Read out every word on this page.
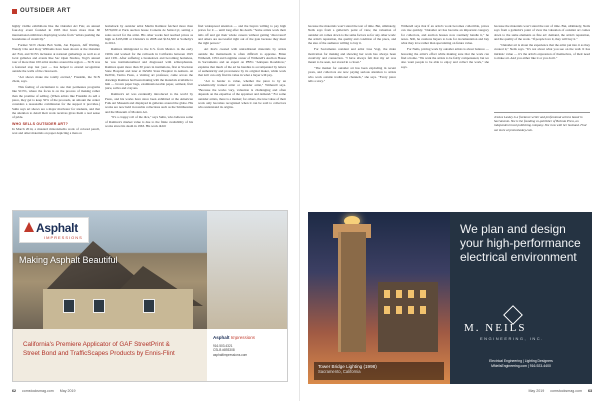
OUTSIDER ART

highly visible exhibitions like the Outsider Art Fair, an annual four-day event founded in 1993 that hosts more than 60 international exhibitors displaying works from "artists pushing the boundaries of creativity."

Former SCN clients Bob Sulin, Jon Esparza, Jeff Watling, Wendy Chu and Rory Williams have been shown at the Outsider Art Fair, and SCN's inclusion at national gatherings as well as at local galleries and events like Sac Open Studios, Vogt's annual tour of more than 100 artist studios around the region — SCN was a featured stop last year — has helped to extend recognition outside the walls of the classroom.

"Art shows make me totally excited," Franklin, the SCN client, says.

This feeling of excitement is one that permeates programs like SCN's, where the focus is on the process of making rather than the promise of selling. (When artists like Franklin do sell a piece, they get to keep 50% of the proceeds, an amount the center considers a reasonable commission for the support it provides.) Sulin says art shows are a major motivator for students, and that the attention to detail their work receives gives them a real sense of pride.

WHO SELLS OUTSIDER ART?

In March 2014, a mustard mixed-media work of colored pencil, wax and other materials on paper depicting a man on

homeback by outsider artist Martin Ramirez fetched more than $376,000 at Paris auction house Cornette de Saint-Cyr, setting a sales record for the artist. His other works had reached prices as high as $193,000 at Christie's in 2008 and $134,500 at Sotheby's in 2012.

Ramirez immigrated to the U.S. from Mexico in the early 1900s and worked for the railroads in California between 1925 and 1931. After suffering a breakdown and becoming homeless, he was institutionalized and diagnosed with schizophrenia. Ramirez spent more than 30 years in institutions, first at Stockton State Hospital and later at DeWitt State Hospital in Auburn. At DeWitt, Tarmo Pasto, a visiting art professor, came across the drawings Ramirez had been making with the materials available to him — brown paper bags, examination-table paper, oatmeal, fruit juice, saliva and crayons.

Ramirez's art was eventually introduced to the world by Pasto, and his works have since been exhibited at the American Folk Art Museum and displayed in galleries around the globe. His works are now held in notable collections such as the Smithsonian and the Museum of Modern Art.

"It's a crappy roll of the dice," says Sulin, who believes some of Ramirez's market value is due to the finite availability of his works since his death in 1963. His work didn't

find widespread attention — and the buyers willing to pay high prices for it — until long after his death. "Some artists work their tails off and get their whole careers without getting 'discovered' and others are successful right out of the gate because they meet the right person."

Art that's created with untraditional materials by artists outside the mainstream is often difficult to appraise. Brian Witherell, CEO and longtime owner of Witherell's Auction House in Sacramento and an expert on PBS's "Antiques Roadshow," explains that much of the art he handles is accompanied by letters of authenticity and provenance by its original maker, while work that isn't can only find its value in what a buyer will pay.

"Art is harder to value, whether the piece is by an academically trained artist or outsider artist," Witherell says. "Because the works vary, valuation is challenging and often depends on the expertise of the appraiser and demand." For some outsider artists, there is a market; for others, the true value of their work only becomes recognized when it can be sold to collectors who understand its origins.

Asphalt
IMPRESSIONS
Making Asphalt Beautiful
California's Premiere Applicator of GAF StreetPrint &
Street Bond and TrafficScapes Products by Ennis-Flint
Asphalt Impressions
916.503.4321
CSLB #893308
asphaltimpressions.com
62 comstocksmag.com May 2019

because the materials won't stand the test of time. But, ultimately, Neils says from a gallerist's point of view, the valuation of outsider art comes down to the same factors as for any other work: the artist's reputation, the quality and condition of the piece, and the size of the audience willing to buy it.

For Sacramento resident and artist Lisa Vogt, the main motivation for making and showing her work has always been creativity and connection. "I have always felt that my art was meant to be seen, not stored in a closet."

"The market for outsider art has been exploding in recent years, and collectors are now paying serious attention to artists who work outside traditional channels," she says. "Every piece tells a story."

Witherell says that if an artist's work becomes collectible, prices can rise quickly. "Outsider art has become an important category for collectors, and auction houses now routinely handle it," he notes. Still, he cautions buyers to look for documentation and buy what they love rather than speculating on future value.

For Neils, pricing work by outsider artists is about balance — honoring the artist's effort while making sure that the work can find a home. "We want the artists to be fairly compensated, but we also want people to be able to enjoy and collect the work," she says.

because the materials won't stand the rest of time. But, ultimately, Neils says from a gallerist's point of view the valuation of outsider art comes down to the same elements as fine art: demand, the artist's reputation, and the quality of the work. "If people love it, they will buy it."

"Outsider art is about the experience that the artist put into it as they created it," Neils says. "It's not about what you see on the wall. It has intrinsic value — it's the artist's expression of themselves, of their need to make art. And you either like it or you don't."

Jessica Laskey is a freelance writer and professional actress based in Sacramento. She is the founding co-publisher of Belonia Press, an independent local publishing company. She runs with her husband. Find out more at jessicalaskey.com.
Tower Bridge Lighting (1998)
Sacramento, California
We plan and design your high-performance electrical environment
M. NEILS
ENGINEERING, INC.
Electrical Engineering | Lighting Designers
MNeilsEngineering.com | 916-923-4400
May 2019 comstocksmag.com 63
